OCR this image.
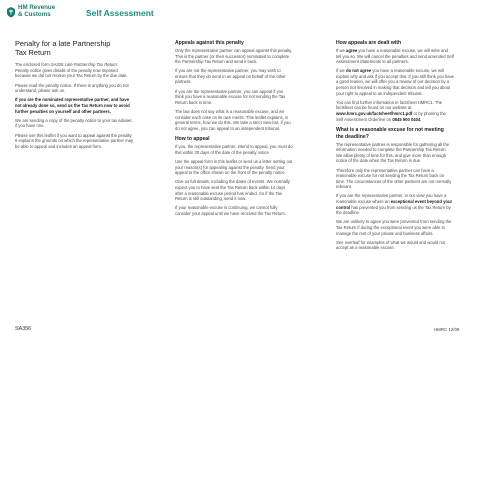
HM Revenue
& Customs	Self Assessment
Penalty for a late Partnership
Tax Return

The enclosed form SA326 Late Partnership Tax Return: Penalty notice gives details of the penalty now imposed because we did not receive your Tax Return by the due date.

Please read the penalty notice. If there is anything you do not understand, please ask us.

If you are the nominated representative partner, and have not already done so, send us the Tax Return now to avoid further penalties on yourself and other partners.

We are sending a copy of the penalty notice to your tax adviser, if you have one.

Please use this leaflet if you want to appeal against the penalty. It explains the grounds on which the representative partner may be able to appeal and includes an appeal form.

Appeals against this penalty

Only the representative partner can appeal against this penalty. This is the partner (or their successor) nominated to complete the Partnership Tax Return and send it back.

If you are not the representative partner, you may wish to ensure that they do send in an appeal on behalf of the other partners.

If you are the representative partner, you can appeal if you think you have a reasonable excuse for not sending the Tax Return back in time.

The law does not say what is a reasonable excuse, and we consider each case on its own merits. This leaflet explains, in general terms, how we do this. We take a strict view but, if you do not agree, you can appeal to an independent tribunal.

How to appeal

If you, the representative partner, intend to appeal, you must do this within 30 days of the date of the penalty notice.

Use the appeal form in this leaflet or send us a letter setting out your reason(s) for appealing against the penalty. Send your appeal to the office shown on the front of the penalty notice.

Give us full details, including the dates of events. We normally expect you to have sent the Tax Return back within 14 days after a reasonable excuse period has ended. So if the Tax Return is still outstanding, send it now.

If your reasonable excuse is continuing, we cannot fully consider your appeal until we have received the Tax Return.

How appeals are dealt with

If we agree you have a reasonable excuse, we will write and tell you so. We will cancel the penalties and send amended Self Assessment Statements to all partners.

If we do not agree you have a reasonable excuse, we will explain why and ask if you accept this. If you still think you have a good reason, we will offer you a review of our decision by a person not involved in making that decision and tell you about your right to appeal to an independent tribunal.

You can find further information in factsheet HMRC1. The factsheet can be found on our website at www.hmrc.gov.uk/factsheet/hmrc1.pdf or by phoning the Self Assessment Orderline on 0845 900 0404.

What is a reasonable excuse for not meeting
the deadline?

The representative partner is responsible for gathering all the information needed to complete the Partnership Tax Return. We allow plenty of time for this, and give more than enough notice of the date when the Tax Return is due.

Therefore only the representative partner can have a reasonable excuse for not sending the Tax Return back on time. The circumstances of the other partners are not normally relevant.

If you are the representative partner, in our view you have a reasonable excuse where an exceptional event beyond your control has prevented you from sending us the Tax Return by the deadline.

We are unlikely to agree you were prevented from sending the Tax Return if during the exceptional event you were able to manage the rest of your private and business affairs.

See overleaf for examples of what we would and would not accept as a reasonable excuse.

SA356	HMRC 12/08
